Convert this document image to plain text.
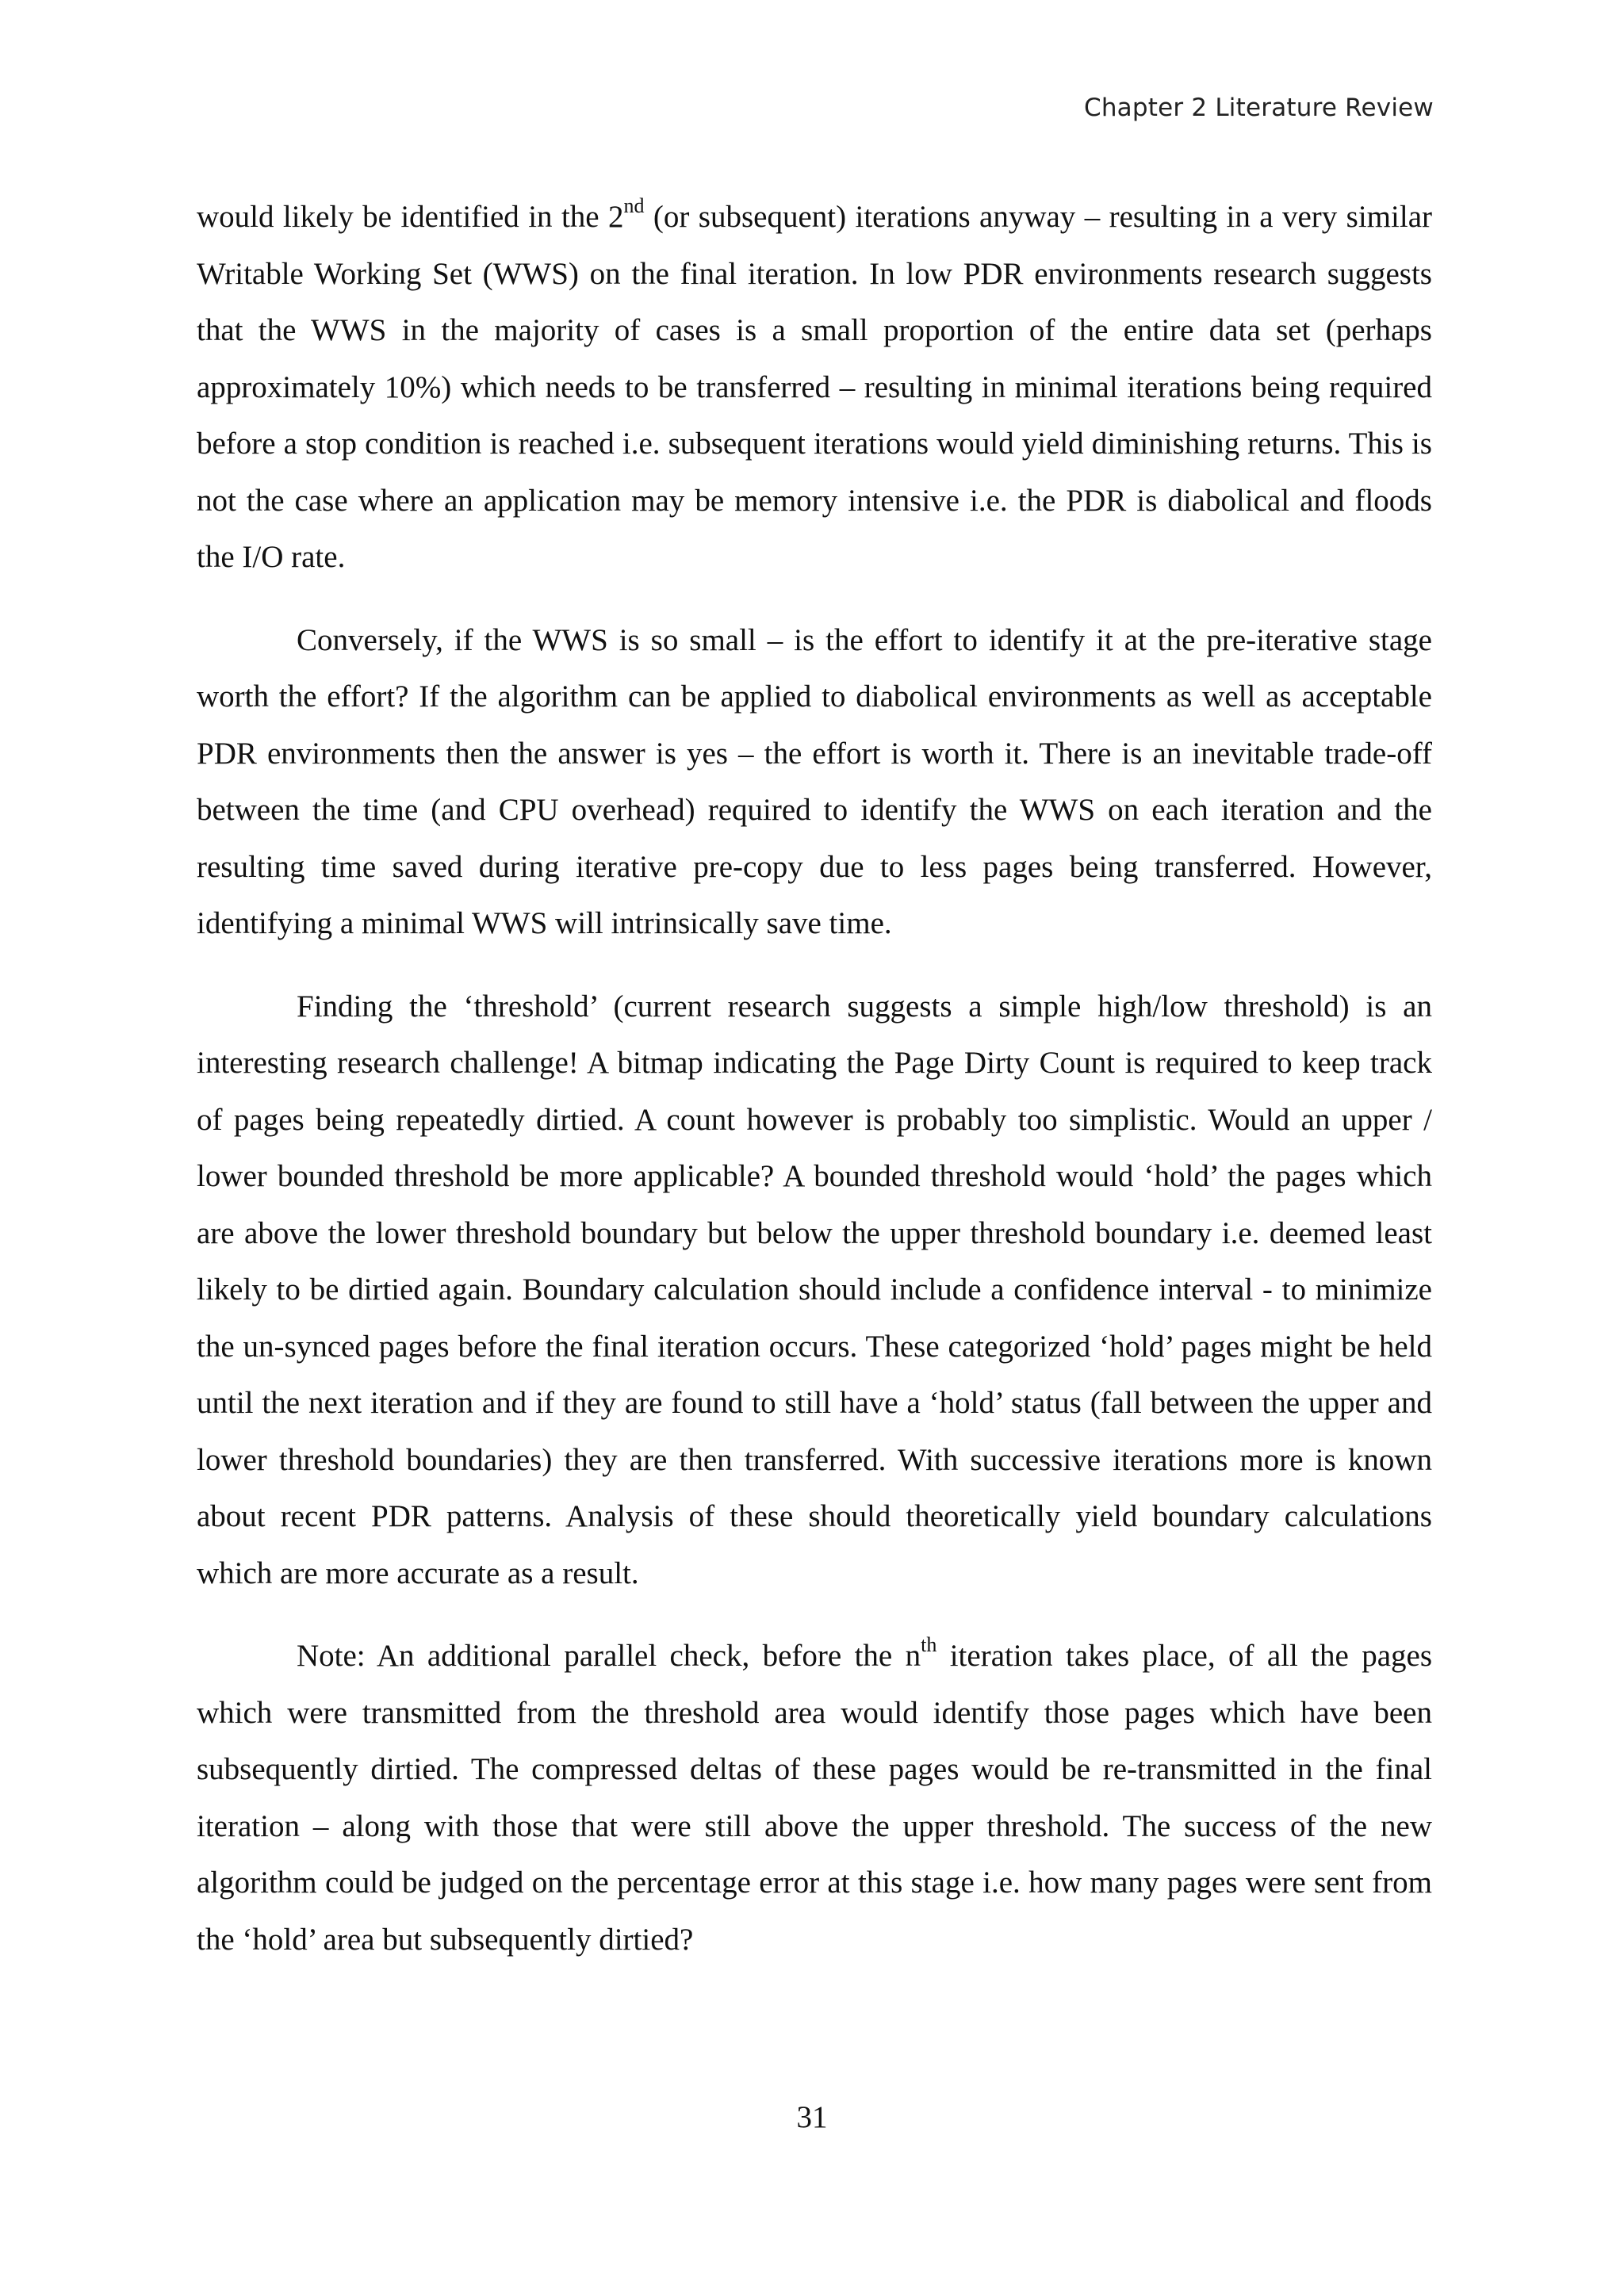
Chapter 2 Literature Review

would likely be identified in the 2nd (or subsequent) iterations anyway – resulting in a very similar Writable Working Set (WWS) on the final iteration. In low PDR environments research suggests that the WWS in the majority of cases is a small proportion of the entire data set (perhaps approximately 10%) which needs to be transferred – resulting in minimal iterations being required before a stop condition is reached i.e. subsequent iterations would yield diminishing returns. This is not the case where an application may be memory intensive i.e. the PDR is diabolical and floods the I/O rate.

Conversely, if the WWS is so small – is the effort to identify it at the pre-iterative stage worth the effort? If the algorithm can be applied to diabolical environments as well as acceptable PDR environments then the answer is yes – the effort is worth it. There is an inevitable trade-off between the time (and CPU overhead) required to identify the WWS on each iteration and the resulting time saved during iterative pre-copy due to less pages being transferred. However, identifying a minimal WWS will intrinsically save time.

Finding the ‘threshold’ (current research suggests a simple high/low threshold) is an interesting research challenge! A bitmap indicating the Page Dirty Count is required to keep track of pages being repeatedly dirtied. A count however is probably too simplistic. Would an upper / lower bounded threshold be more applicable? A bounded threshold would ‘hold’ the pages which are above the lower threshold boundary but below the upper threshold boundary i.e. deemed least likely to be dirtied again. Boundary calculation should include a confidence interval - to minimize the un-synced pages before the final iteration occurs. These categorized ‘hold’ pages might be held until the next iteration and if they are found to still have a ‘hold’ status (fall between the upper and lower threshold boundaries) they are then transferred. With successive iterations more is known about recent PDR patterns. Analysis of these should theoretically yield boundary calculations which are more accurate as a result.

Note: An additional parallel check, before the $n^{th}$ iteration takes place, of all the pages which were transmitted from the threshold area would identify those pages which have been subsequently dirtied. The compressed deltas of these pages would be re-transmitted in the final iteration – along with those that were still above the upper threshold. The success of the new algorithm could be judged on the percentage error at this stage i.e. how many pages were sent from the ‘hold’ area but subsequently dirtied?

31
